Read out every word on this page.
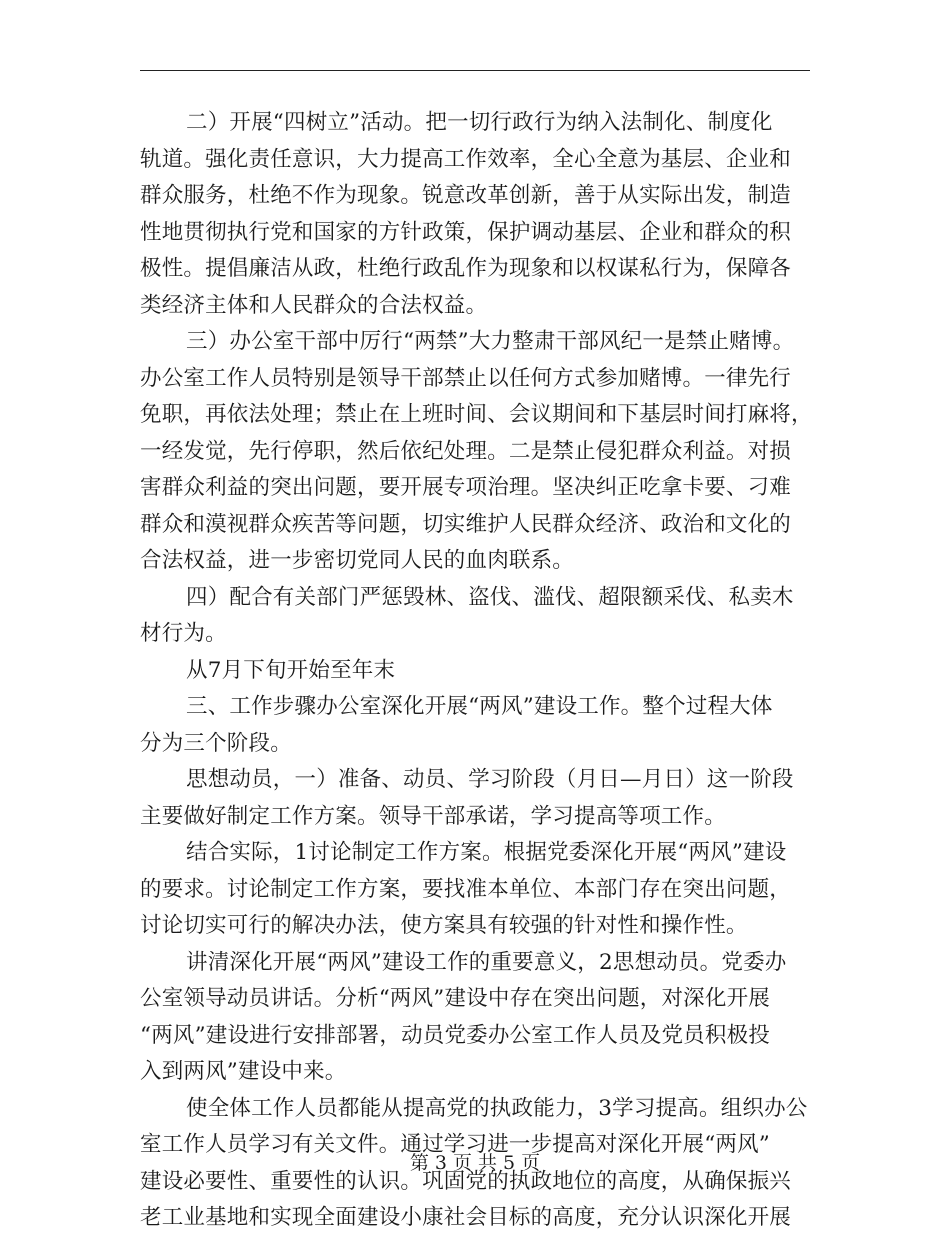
二）开展“四树立”活动。把一切行政行为纳入法制化、制度化
轨道。强化责任意识，大力提高工作效率，全心全意为基层、企业和
群众服务，杜绝不作为现象。锐意改革创新，善于从实际出发，制造
性地贯彻执行党和国家的方针政策，保护调动基层、企业和群众的积
极性。提倡廉洁从政，杜绝行政乱作为现象和以权谋私行为，保障各
类经济主体和人民群众的合法权益。
三）办公室干部中厉行“两禁”大力整肃干部风纪一是禁止赌博。
办公室工作人员特别是领导干部禁止以任何方式参加赌博。一律先行
免职，再依法处理；禁止在上班时间、会议期间和下基层时间打麻将，
一经发觉，先行停职，然后依纪处理。二是禁止侵犯群众利益。对损
害群众利益的突出问题，要开展专项治理。坚决纠正吃拿卡要、刁难
群众和漠视群众疾苦等问题，切实维护人民群众经济、政治和文化的
合法权益，进一步密切党同人民的血肉联系。
四）配合有关部门严惩毁林、盗伐、滥伐、超限额采伐、私卖木
材行为。
从7月下旬开始至年末
三、工作步骤办公室深化开展“两风”建设工作。整个过程大体
分为三个阶段。
思想动员，一）准备、动员、学习阶段（月日—月日）这一阶段
主要做好制定工作方案。领导干部承诺，学习提高等项工作。
结合实际，1讨论制定工作方案。根据党委深化开展“两风”建设
的要求。讨论制定工作方案，要找准本单位、本部门存在突出问题，
讨论切实可行的解决办法，使方案具有较强的针对性和操作性。
讲清深化开展“两风”建设工作的重要意义，2思想动员。党委办
公室领导动员讲话。分析“两风”建设中存在突出问题，对深化开展
“两风”建设进行安排部署，动员党委办公室工作人员及党员积极投
入到两风”建设中来。
使全体工作人员都能从提高党的执政能力，3学习提高。组织办公
室工作人员学习有关文件。通过学习进一步提高对深化开展“两风”
建设必要性、重要性的认识。巩固党的执政地位的高度，从确保振兴
老工业基地和实现全面建设小康社会目标的高度，充分认识深化开展
第 3 页 共 5 页
